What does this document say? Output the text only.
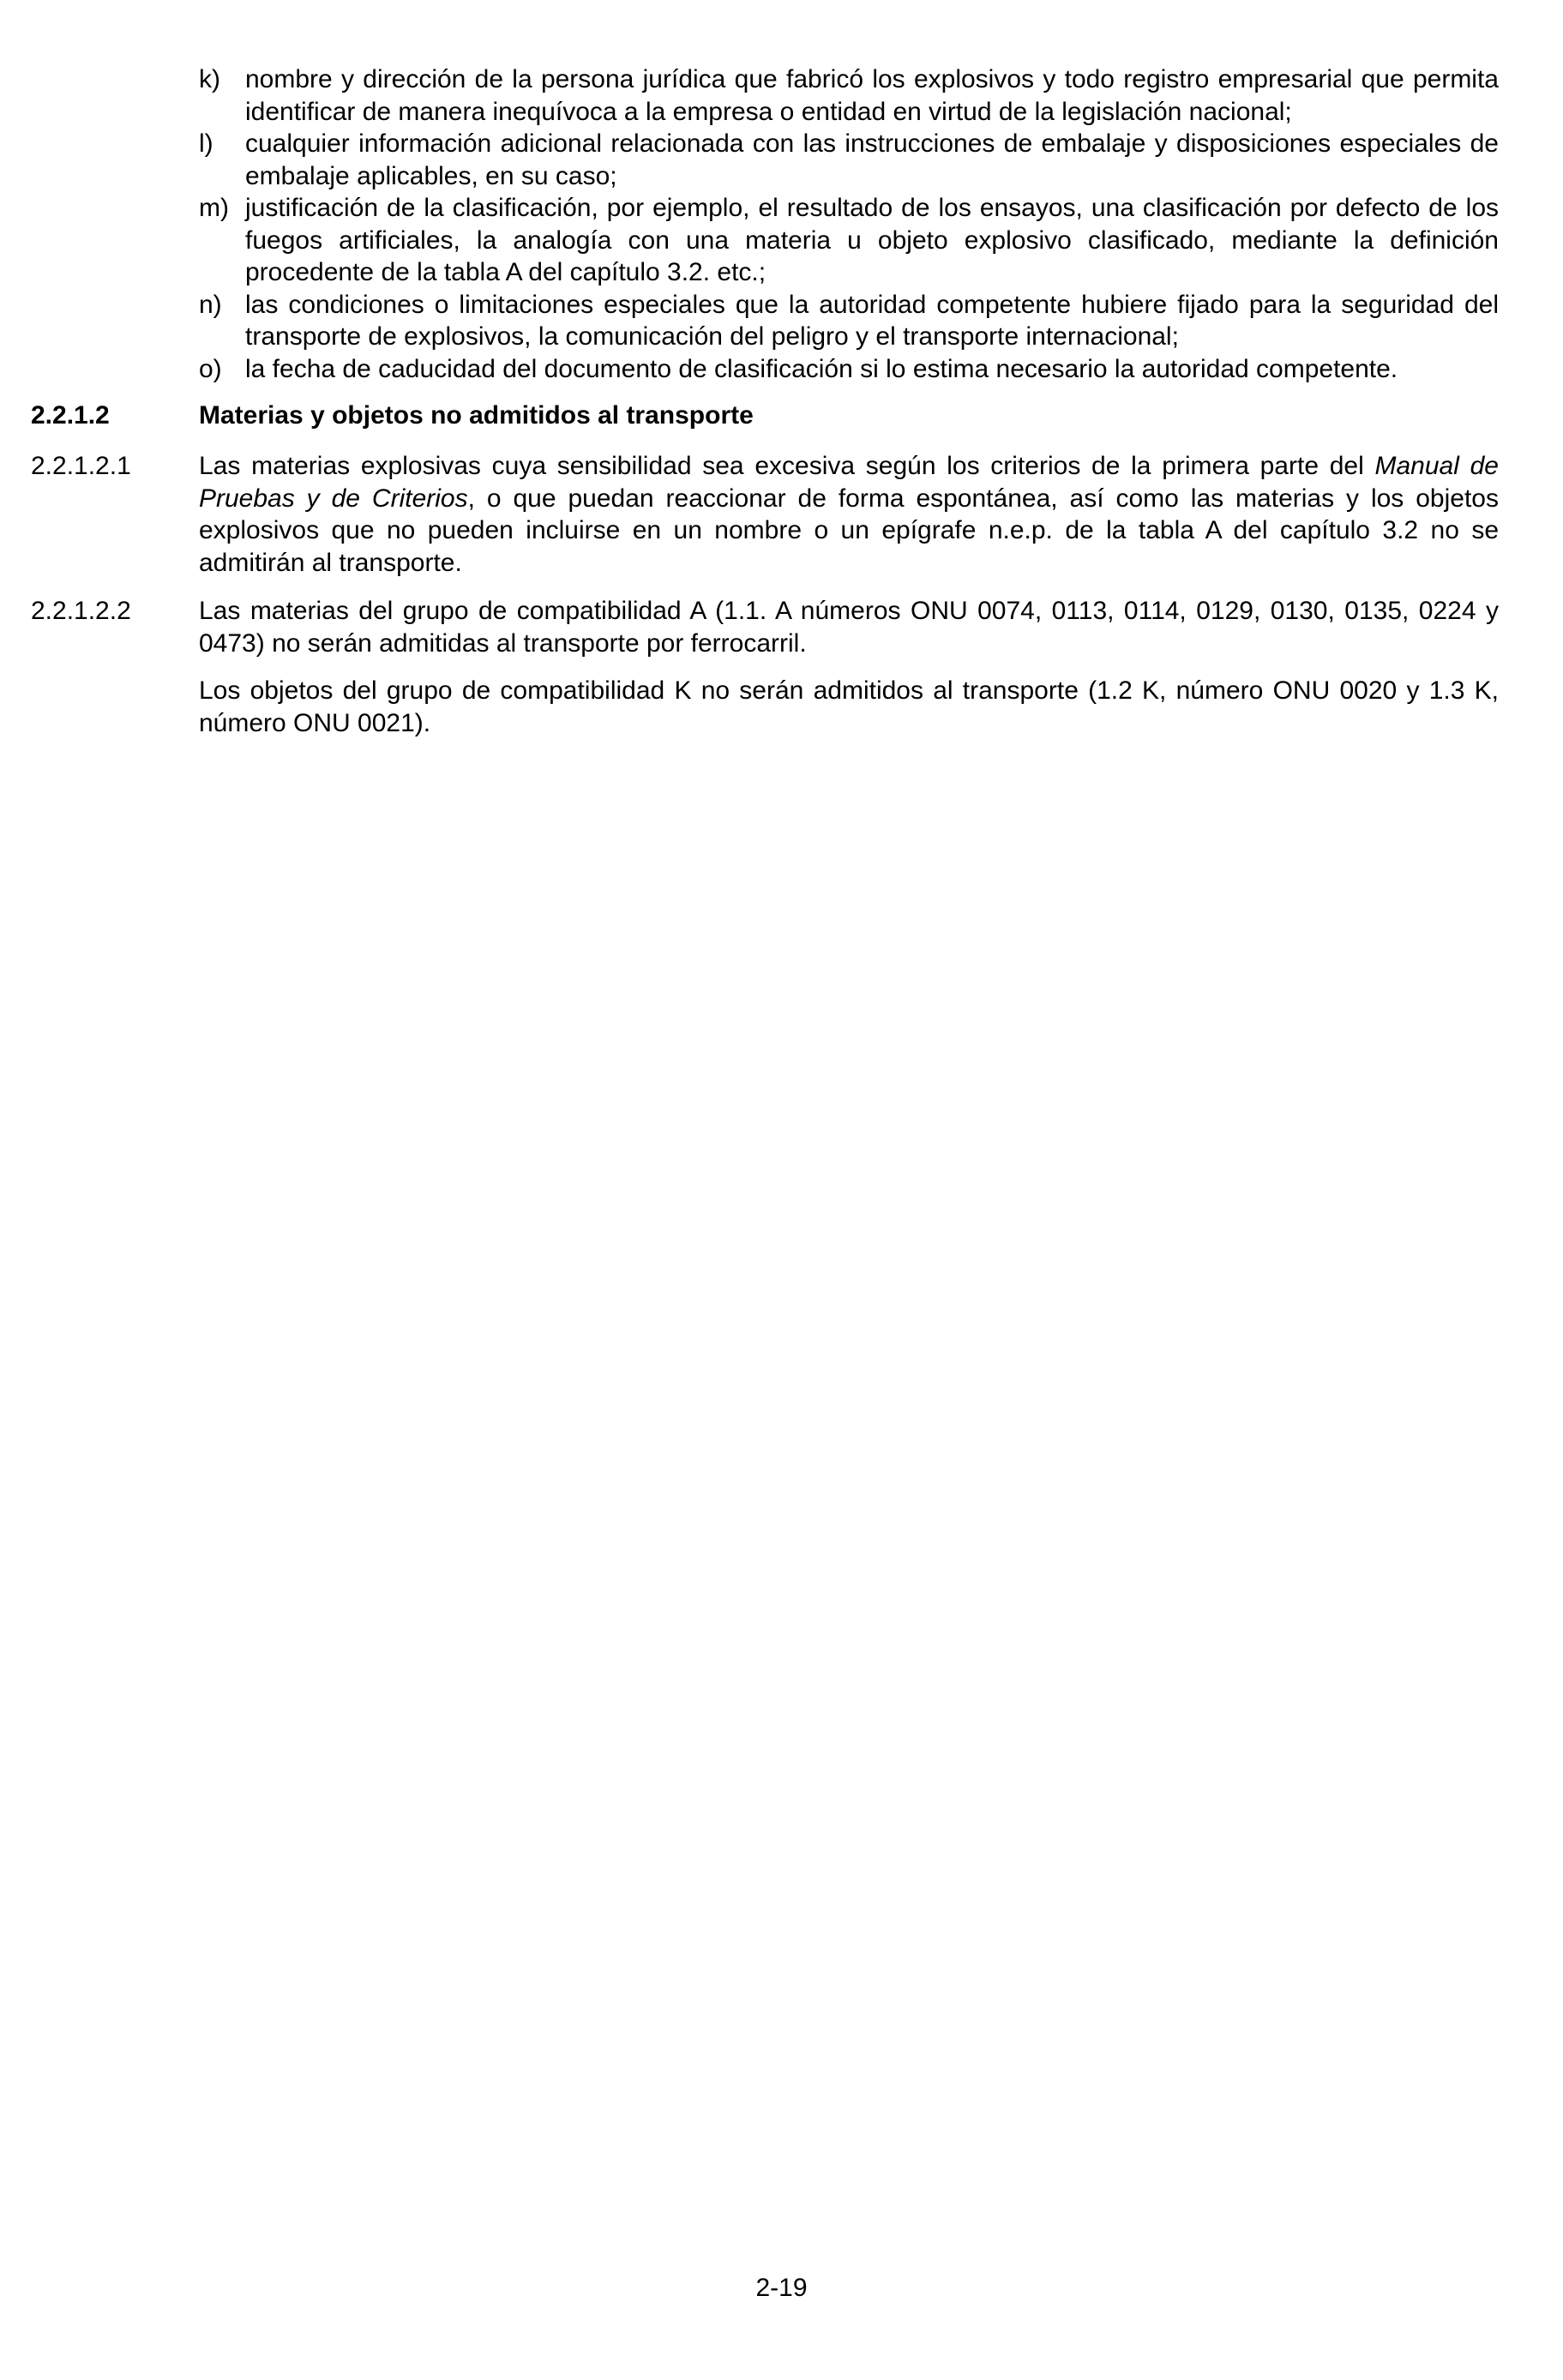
k) nombre y dirección de la persona jurídica que fabricó los explosivos y todo registro empresarial que permita identificar de manera inequívoca a la empresa o entidad en virtud de la legislación nacional;
l)	cualquier información adicional relacionada con las instrucciones de embalaje y disposiciones especiales de embalaje aplicables, en su caso;
m) justificación de la clasificación, por ejemplo, el resultado de los ensayos, una clasificación por defecto de los fuegos artificiales, la analogía con una materia u objeto explosivo clasificado, mediante la definición procedente de la tabla A del capítulo 3.2. etc.;
n) las condiciones o limitaciones especiales que la autoridad competente hubiere fijado para la seguridad del transporte de explosivos, la comunicación del peligro y el transporte internacional;
o) la fecha de caducidad del documento de clasificación si lo estima necesario la autoridad competente.
2.2.1.2	Materias y objetos no admitidos al transporte
2.2.1.2.1	Las materias explosivas cuya sensibilidad sea excesiva según los criterios de la primera parte del Manual de Pruebas y de Criterios, o que puedan reaccionar de forma espontánea, así como las materias y los objetos explosivos que no pueden incluirse en un nombre o un epígrafe n.e.p. de la tabla A del capítulo 3.2 no se admitirán al transporte.

2.2.1.2.2	Las materias del grupo de compatibilidad A (1.1. A números ONU 0074, 0113, 0114, 0129, 0130, 0135, 0224 y 0473) no serán admitidas al transporte por ferrocarril.

Los objetos del grupo de compatibilidad K no serán admitidos al transporte (1.2 K, número ONU 0020 y 1.3 K, número ONU 0021).

2-19
